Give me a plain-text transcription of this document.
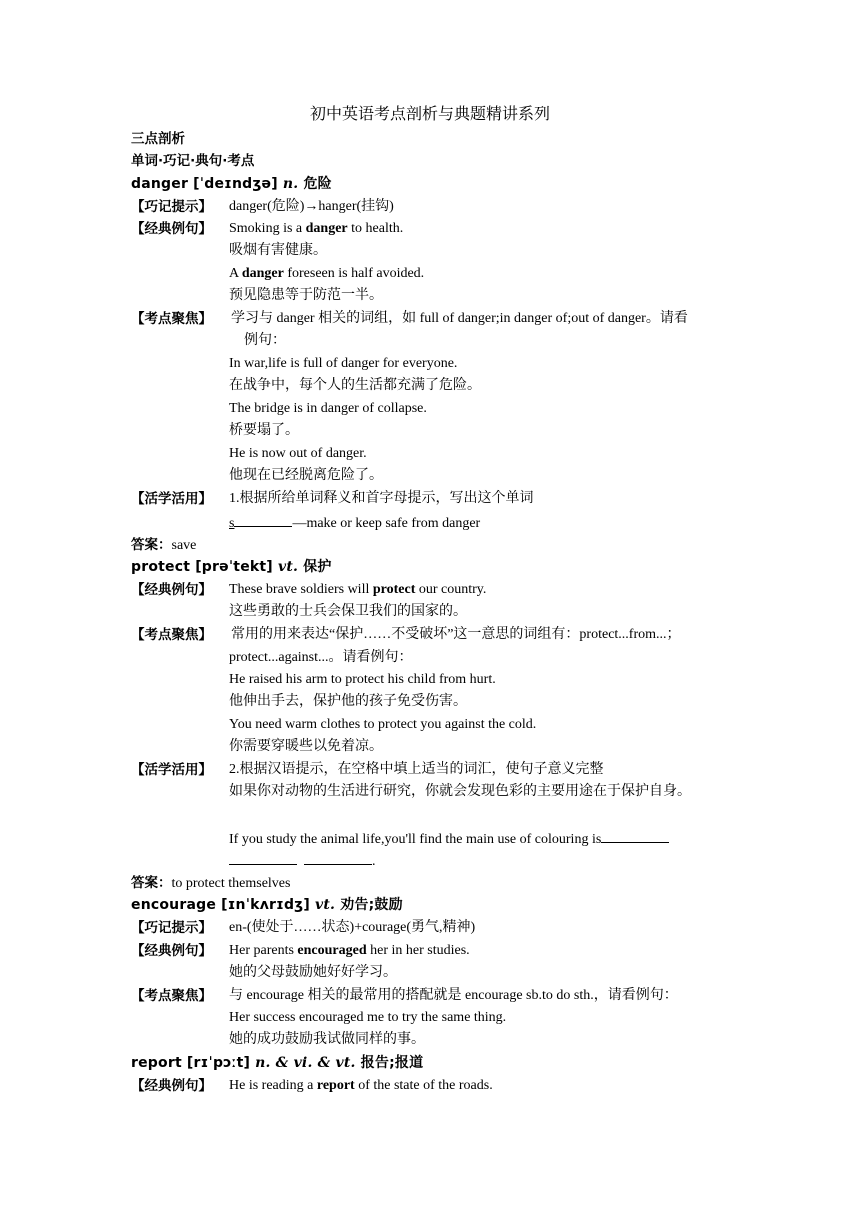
初中英语考点剖析与典题精讲系列
三点剖析
单词·巧记·典句·考点
danger [ˈdeɪndʒə] n. 危险
【巧记提示】 danger(危险)→hanger(挂钩)
【经典例句】 Smoking is a danger to health.
吸烟有害健康。
A danger foreseen is half avoided.
预见隐患等于防范一半。
【考点聚焦】 学习与 danger 相关的词组，如 full of danger;in danger of;out of danger。请看
例句：
In war,life is full of danger for everyone.
在战争中，每个人的生活都充满了危险。
The bridge is in danger of collapse.
桥要塌了。
He is now out of danger.
他现在已经脱离危险了。
【活学活用】 1.根据所给单词释义和首字母提示，写出这个单词
s	—make or keep safe from danger
答案：save
protect [prəˈtekt] vt. 保护
【经典例句】 These brave soldiers will protect our country.
这些勇敢的士兵会保卫我们的国家的。
【考点聚焦】 常用的用来表达“保护……不受破坏”这一意思的词组有：protect...from...；
protect...against...。请看例句：
He raised his arm to protect his child from hurt.
他伸出手去，保护他的孩子免受伤害。
You need warm clothes to protect you against the cold.
你需要穿暖些以免着凉。
【活学活用】 2.根据汉语提示，在空格中填上适当的词汇，使句子意义完整
如果你对动物的生活进行研究，你就会发现色彩的主要用途在于保护自身。
If you study the animal life,you'll find the main use of colouring is
.
答案：to protect themselves
encourage [ɪnˈkʌrɪdʒ] vt. 劝告;鼓励
【巧记提示】 en-(使处于……状态)+courage(勇气,精神)
【经典例句】 Her parents encouraged her in her studies.
她的父母鼓励她好好学习。
【考点聚焦】 与 encourage 相关的最常用的搭配就是 encourage sb.to do sth.，请看例句：
Her success encouraged me to try the same thing.
她的成功鼓励我试做同样的事。
report [rɪˈpɔːt] n. & vi. & vt. 报告;报道
【经典例句】 He is reading a report of the state of the roads.
